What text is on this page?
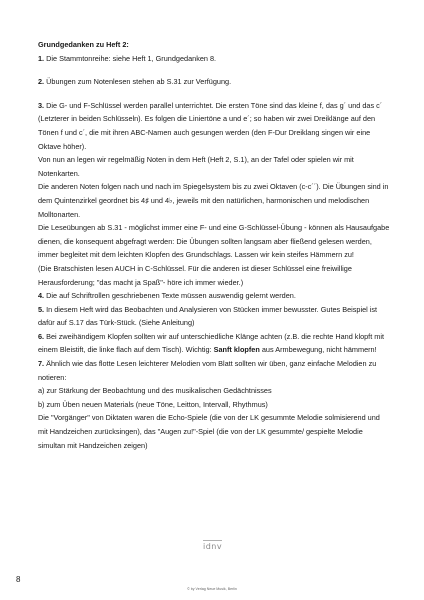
Grundgedanken zu Heft 2:

1. Die Stammtonreihe: siehe Heft 1, Grundgedanken 8.

2. Übungen zum Notenlesen stehen ab S.31 zur Verfügung.

3. Die G- und F-Schlüssel werden parallel unterrichtet. Die ersten Töne sind das kleine f, das g´ und das c´ (Letzterer in beiden Schlüsseln). Es folgen die Liniertöne a und e´; so haben wir zwei Dreiklänge auf den Tönen f und c´, die mit ihren ABC-Namen auch gesungen werden (den F-Dur Dreiklang singen wir eine Oktave höher).

Von nun an legen wir regelmäßig Noten in dem Heft (Heft 2, S.1), an der Tafel oder spielen wir mit Notenkarten.

Die anderen Noten folgen nach und nach im Spiegelsystem bis zu zwei Oktaven (c-c´´). Die Übungen sind in dem Quintenzirkel geordnet bis 4♯ und 4♭, jeweils mit den natürlichen, harmonischen und melodischen Molltonarten.

Die Leseübungen ab S.31 - möglichst immer eine F- und eine G-Schlüssel-Übung - können als Hausaufgabe dienen, die konsequent abgefragt werden: Die Übungen sollten langsam aber fließend gelesen werden, immer begleitet mit dem leichten Klopfen des Grundschlags. Lassen wir kein steifes Hämmern zu!

(Die Bratschisten lesen AUCH in C-Schlüssel. Für die anderen ist dieser Schlüssel eine freiwillige Herausforderung; "das macht ja Spaß"- höre ich immer wieder.)

4. Die auf Schriftrollen geschriebenen Texte müssen auswendig gelernt werden.

5. In diesem Heft wird das Beobachten und Analysieren von Stücken immer bewusster. Gutes Beispiel ist dafür auf S.17 das Türk-Stück. (Siehe Anleitung)

6. Bei zweihändigem Klopfen sollten wir auf unterschiedliche Klänge achten (z.B. die rechte Hand klopft mit einem Bleistift, die linke flach auf dem Tisch). Wichtig: Sanft klopfen aus Armbewegung, nicht hämmern!

7. Ähnlich wie das flotte Lesen leichterer Melodien vom Blatt sollten wir üben, ganz einfache Melodien zu notieren:

a) zur Stärkung der Beobachtung und des musikalischen Gedächtnisses

b) zum Üben neuen Materials (neue Töne, Leitton, Intervall, Rhythmus)

Die "Vorgänger" von Diktaten waren die Echo-Spiele (die von der LK gesummte Melodie solmisierend und mit Handzeichen zurücksingen), das "Augen zu!"-Spiel (die von der LK gesummte/ gespielte Melodie simultan mit Handzeichen zeigen)

idnv
8
© by Verlag Neue Musik, Berlin
